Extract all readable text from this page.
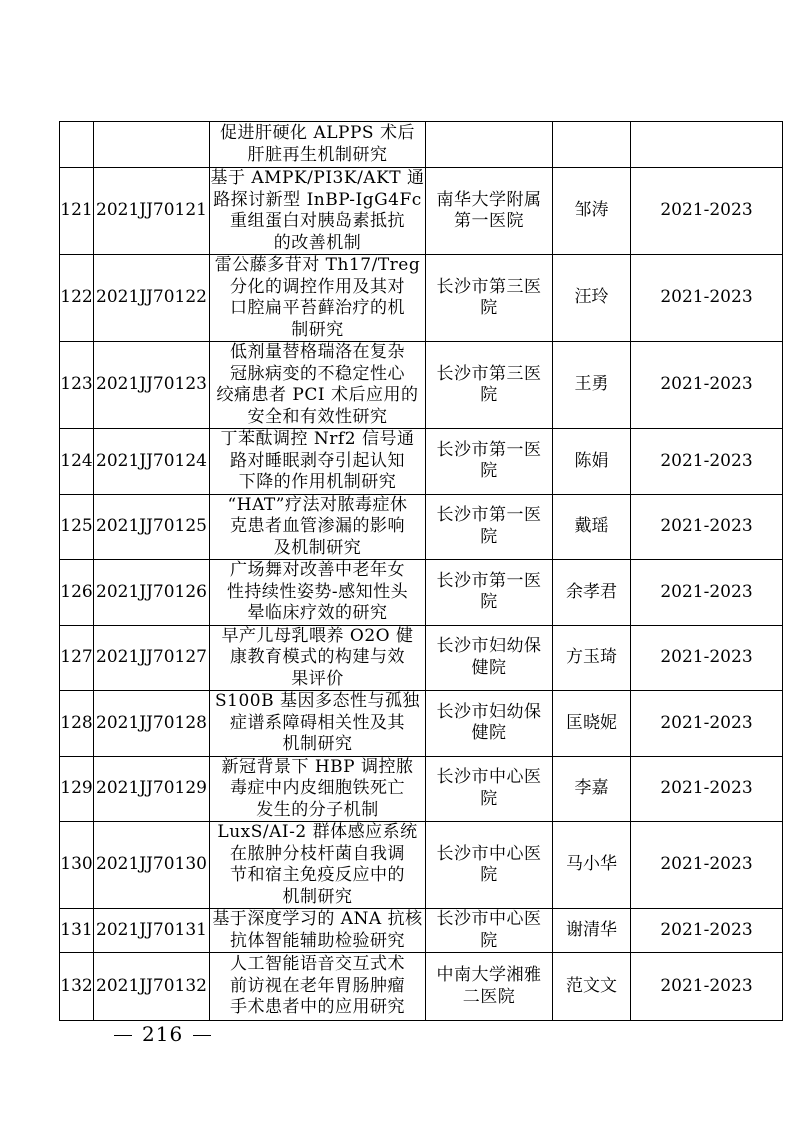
		促进肝硬化 ALPPS 术后
肝脏再生机制研究			

121	2021JJ70121	基于 AMPK/PI3K/AKT 通
路探讨新型 InBP-IgG4Fc
重组蛋白对胰岛素抵抗
的改善机制	南华大学附属
第一医院	邹涛	2021-2023
122	2021JJ70122	雷公藤多苷对 Th17/Treg
分化的调控作用及其对
口腔扁平苔藓治疗的机
制研究	长沙市第三医
院	汪玲	2021-2023
123	2021JJ70123	低剂量替格瑞洛在复杂
冠脉病变的不稳定性心
绞痛患者 PCI 术后应用的
安全和有效性研究	长沙市第三医
院	王勇	2021-2023
124	2021JJ70124	丁苯酞调控 Nrf2 信号通
路对睡眠剥夺引起认知
下降的作用机制研究	长沙市第一医
院	陈娟	2021-2023
125	2021JJ70125	“HAT”疗法对脓毒症休
克患者血管渗漏的影响
及机制研究	长沙市第一医
院	戴瑶	2021-2023
126	2021JJ70126	广场舞对改善中老年女
性持续性姿势-感知性头
晕临床疗效的研究	长沙市第一医
院	余孝君	2021-2023
127	2021JJ70127	早产儿母乳喂养 O2O 健
康教育模式的构建与效
果评价	长沙市妇幼保
健院	方玉琦	2021-2023
128	2021JJ70128	S100B 基因多态性与孤独
症谱系障碍相关性及其
机制研究	长沙市妇幼保
健院	匡晓妮	2021-2023
129	2021JJ70129	新冠背景下 HBP 调控脓
毒症中内皮细胞铁死亡
发生的分子机制	长沙市中心医
院	李嘉	2021-2023
130	2021JJ70130	LuxS/AI-2 群体感应系统
在脓肿分枝杆菌自我调
节和宿主免疫反应中的
机制研究	长沙市中心医
院	马小华	2021-2023
131	2021JJ70131	基于深度学习的 ANA 抗核
抗体智能辅助检验研究	长沙市中心医
院	谢清华	2021-2023
132	2021JJ70132	人工智能语音交互式术
前访视在老年胃肠肿瘤
手术患者中的应用研究	中南大学湘雅
二医院	范文文	2021-2023
216
